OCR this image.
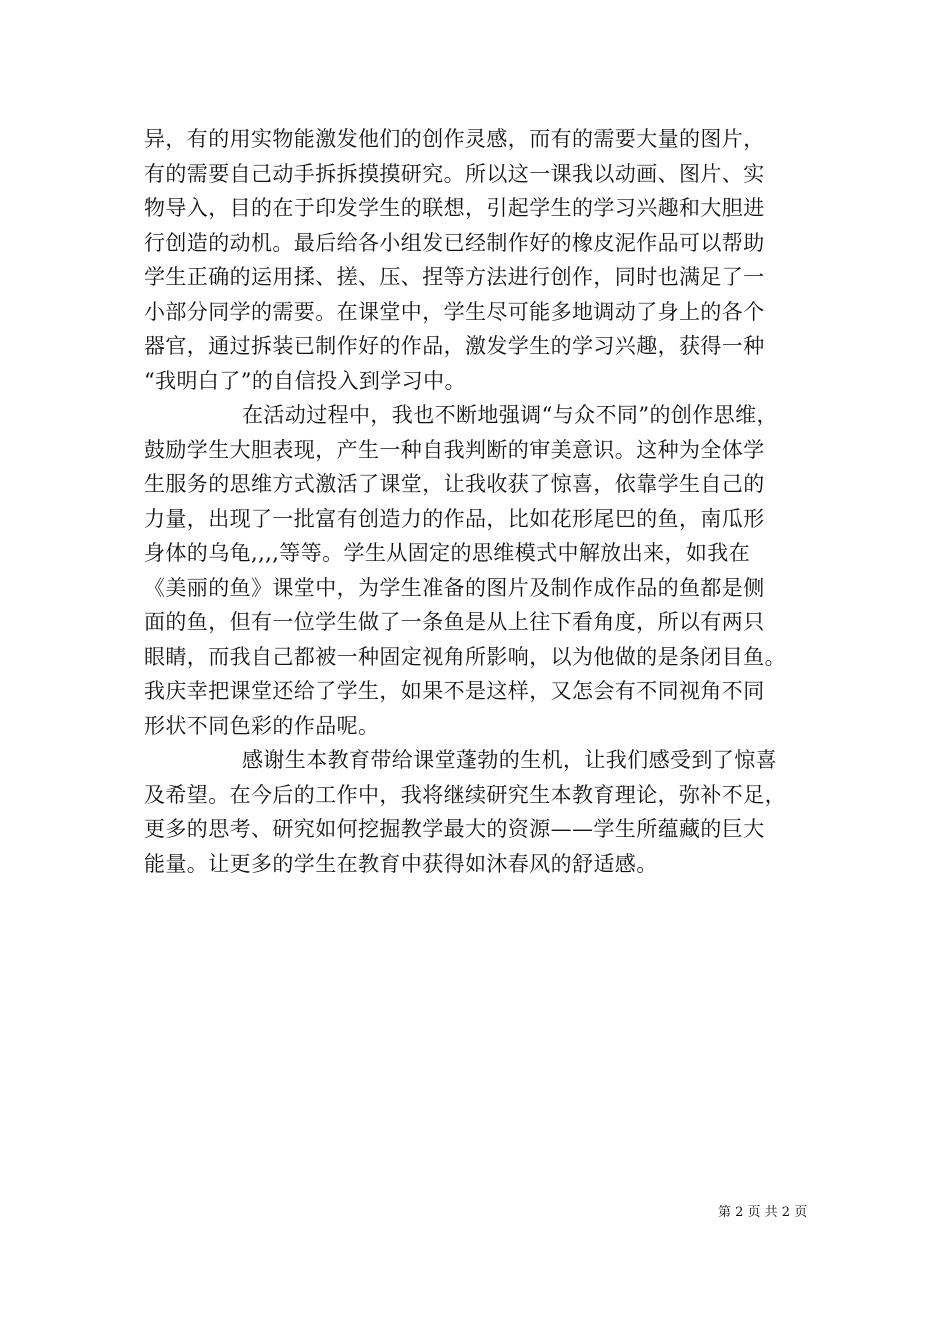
异，有的用实物能激发他们的创作灵感，而有的需要大量的图片，
有的需要自己动手拆拆摸摸研究。所以这一课我以动画、图片、实
物导入，目的在于印发学生的联想，引起学生的学习兴趣和大胆进
行创造的动机。最后给各小组发已经制作好的橡皮泥作品可以帮助
学生正确的运用揉、搓、压、捏等方法进行创作，同时也满足了一
小部分同学的需要。在课堂中，学生尽可能多地调动了身上的各个
器官，通过拆装已制作好的作品，激发学生的学习兴趣，获得一种
“我明白了”的自信投入到学习中。
在活动过程中，我也不断地强调“与众不同”的创作思维，
鼓励学生大胆表现，产生一种自我判断的审美意识。这种为全体学
生服务的思维方式激活了课堂，让我收获了惊喜，依靠学生自己的
力量，出现了一批富有创造力的作品，比如花形尾巴的鱼，南瓜形
身体的乌龟,,,,等等。学生从固定的思维模式中解放出来，如我在
《美丽的鱼》课堂中，为学生准备的图片及制作成作品的鱼都是侧
面的鱼，但有一位学生做了一条鱼是从上往下看角度，所以有两只
眼睛，而我自己都被一种固定视角所影响，以为他做的是条闭目鱼。
我庆幸把课堂还给了学生，如果不是这样，又怎会有不同视角不同
形状不同色彩的作品呢。
感谢生本教育带给课堂蓬勃的生机，让我们感受到了惊喜
及希望。在今后的工作中，我将继续研究生本教育理论，弥补不足，
更多的思考、研究如何挖掘教学最大的资源——学生所蕴藏的巨大
能量。让更多的学生在教育中获得如沐春风的舒适感。
第 2 页 共 2 页
